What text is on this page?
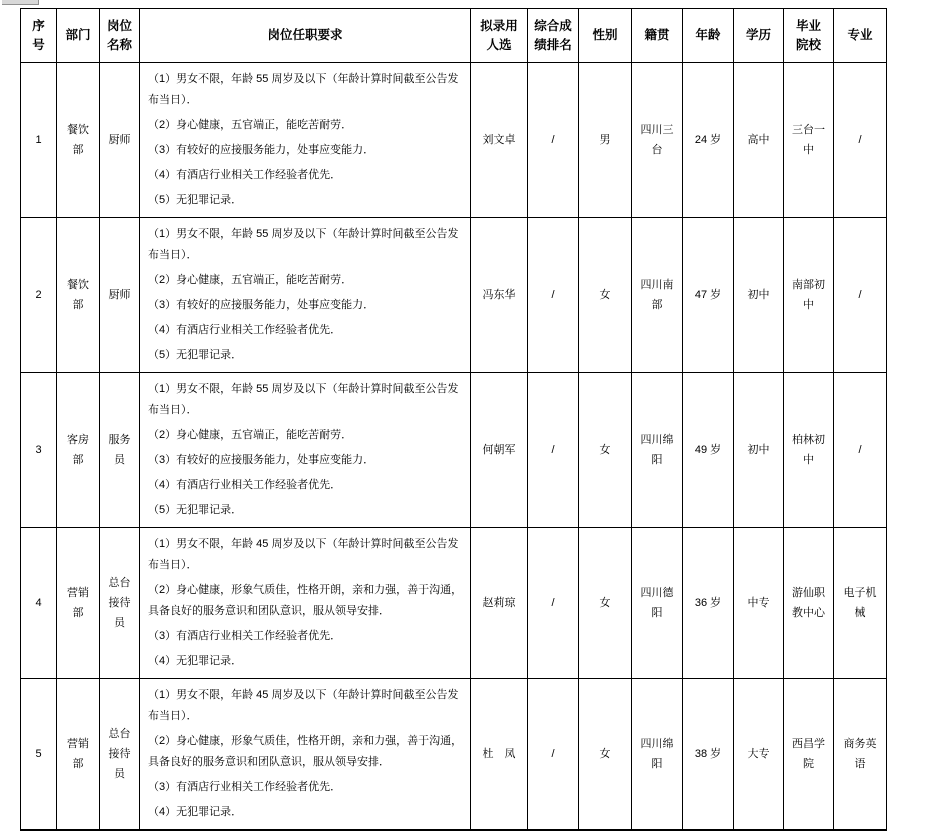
序号	部门	岗位名称	岗位任职要求	拟录用人选	综合成绩排名	性别	籍贯	年龄	学历	毕业院校	专业
1	餐饮部	厨师	（1）男女不限，年龄 55 周岁及以下（年龄计算时间截至公告发布当日）．

（2）身心健康，五官端正，能吃苦耐劳．

（3）有较好的应接服务能力，处事应变能力．

（4）有酒店行业相关工作经验者优先．

（5）无犯罪记录．	刘文卓	/	男	四川三台	24 岁	高中	三台一中	/
2	餐饮部	厨师	（1）男女不限，年龄 55 周岁及以下（年龄计算时间截至公告发布当日）．

（2）身心健康，五官端正，能吃苦耐劳．

（3）有较好的应接服务能力，处事应变能力．

（4）有酒店行业相关工作经验者优先．

（5）无犯罪记录．	冯东华	/	女	四川南部	47 岁	初中	南部初中	/
3	客房部	服务员	（1）男女不限，年龄 55 周岁及以下（年龄计算时间截至公告发布当日）．

（2）身心健康，五官端正，能吃苦耐劳．

（3）有较好的应接服务能力，处事应变能力．

（4）有酒店行业相关工作经验者优先．

（5）无犯罪记录．	何朝军	/	女	四川绵阳	49 岁	初中	柏林初中	/
4	营销部	总台接待员	（1）男女不限，年龄 45 周岁及以下（年龄计算时间截至公告发布当日）．

（2）身心健康，形象气质佳，性格开朗，亲和力强，善于沟通，具备良好的服务意识和团队意识，服从领导安排．

（3）有酒店行业相关工作经验者优先．

（4）无犯罪记录．	赵莉琼	/	女	四川德阳	36 岁	中专	游仙职教中心	电子机械
5	营销部	总台接待员	（1）男女不限，年龄 45 周岁及以下（年龄计算时间截至公告发布当日）．

（2）身心健康，形象气质佳，性格开朗，亲和力强，善于沟通，具备良好的服务意识和团队意识，服从领导安排．

（3）有酒店行业相关工作经验者优先．

（4）无犯罪记录．	杜　凤	/	女	四川绵阳	38 岁	大专	西昌学院	商务英语
